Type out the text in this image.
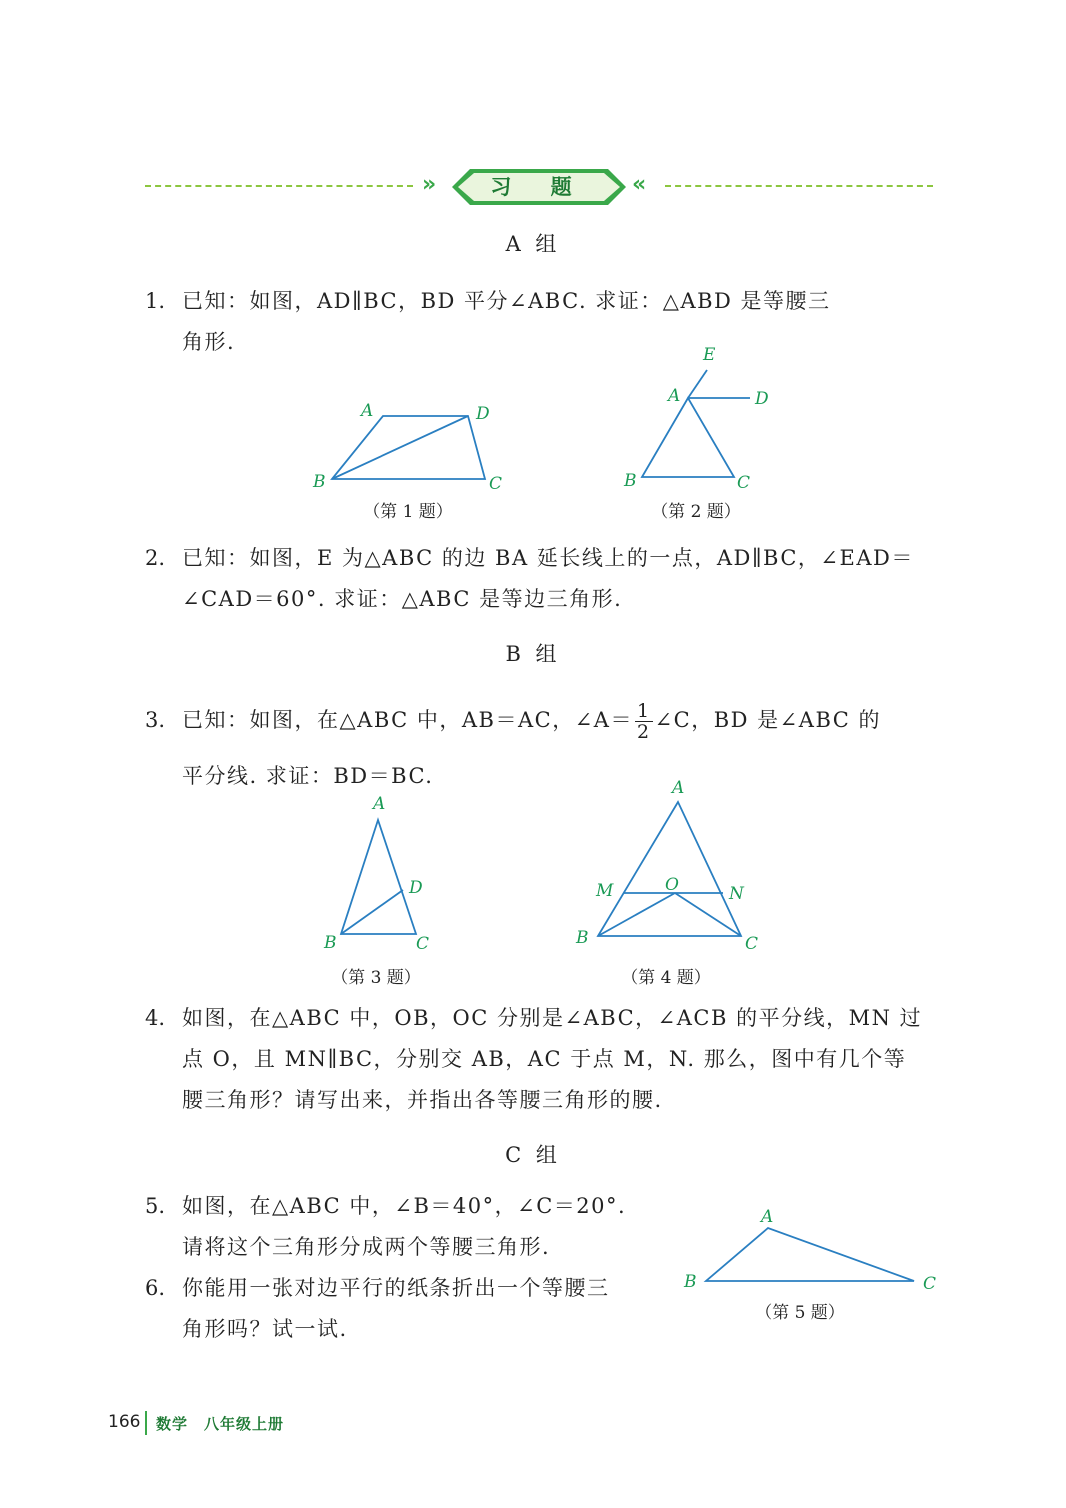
»	习 题	«
A 组
1. 已知：如图，AD∥BC，BD 平分∠ABC. 求证：△ABD 是等腰三
角形.
A	D
B	C
（第 1 题）
E
A	D
B	C
（第 2 题）
2. 已知：如图，E 为△ABC 的边 BA 延长线上的一点，AD∥BC，∠EAD＝
∠CAD＝60°. 求证：△ABC 是等边三角形.
B 组
3. 已知：如图，在△ABC 中，AB＝AC，∠A＝ $\frac{1}{2}$ ∠C，BD 是∠ABC 的
平分线. 求证：BD＝BC.
A
D
B	C
（第 3 题）
A
M	O	N
B	C
（第 4 题）
4. 如图，在△ABC 中，OB，OC 分别是∠ABC，∠ACB 的平分线，MN 过
点 O，且 MN∥BC，分别交 AB，AC 于点 M，N. 那么，图中有几个等
腰三角形？请写出来，并指出各等腰三角形的腰.
C 组
5. 如图，在△ABC 中，∠B＝40°，∠C＝20°.
请将这个三角形分成两个等腰三角形.
6. 你能用一张对边平行的纸条折出一个等腰三
角形吗？试一试.
A
B	C
（第 5 题）
166 数学　八年级上册
